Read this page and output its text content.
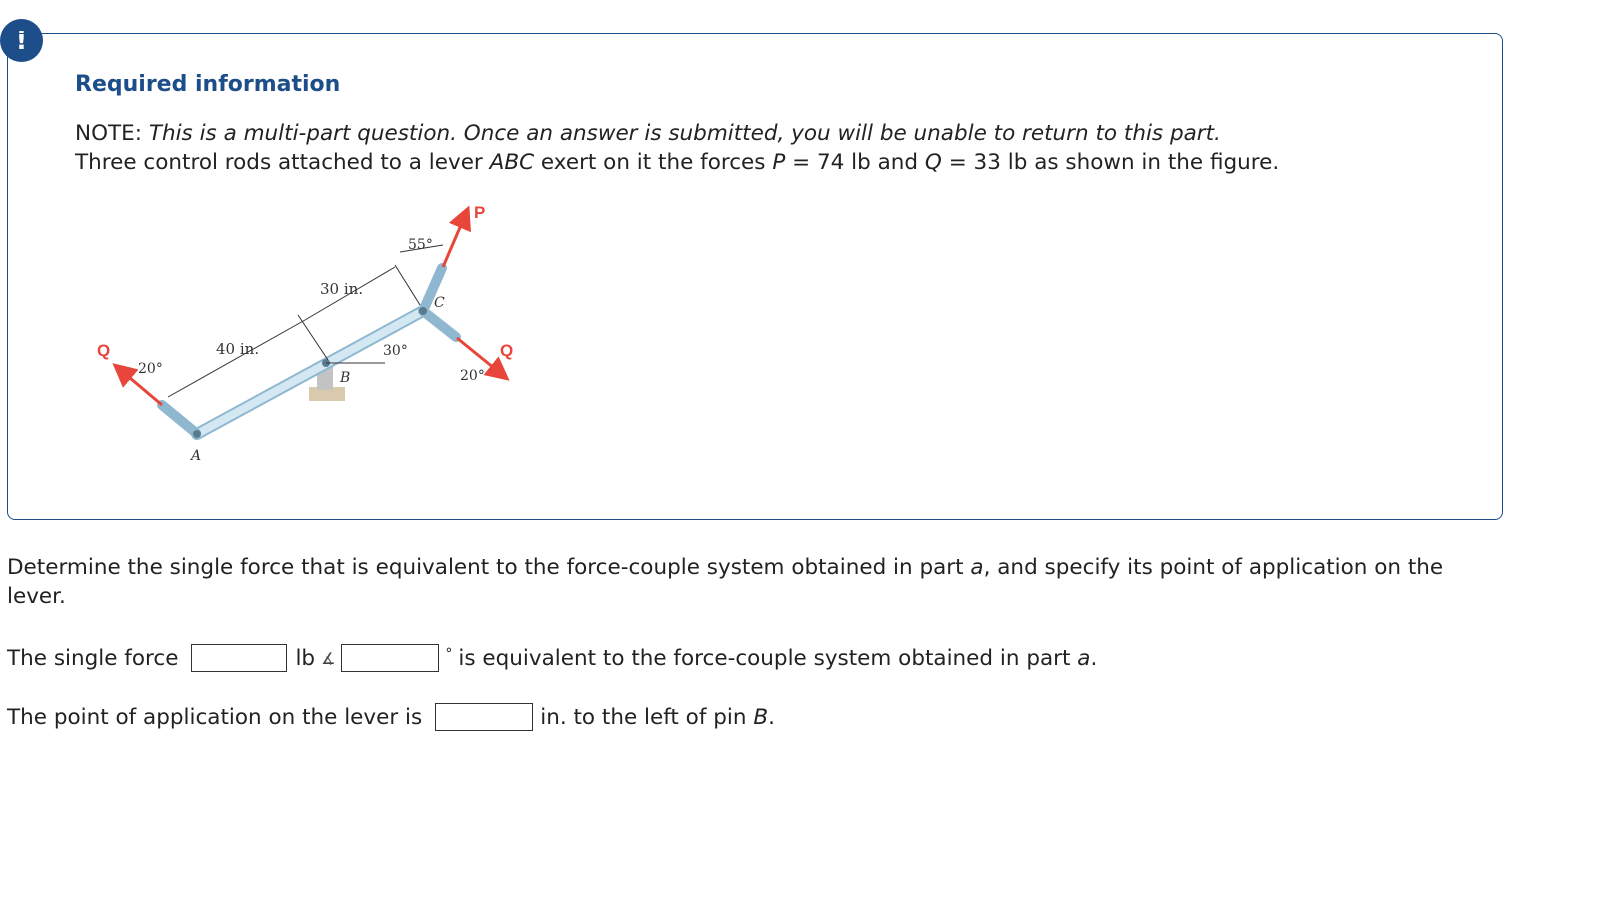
!
Required information
NOTE: This is a multi-part question. Once an answer is submitted, you will be unable to return to this part.
Three control rods attached to a lever ABC exert on it the forces P = 74 lb and Q = 33 lb as shown in the figure.
Q	Q
P
A
B
C
40 in.
30 in.
20°
30°
55°
20°
Determine the single force that is equivalent to the force-couple system obtained in part a, and specify its point of application on the lever.
The single force	lb ∡	° is equivalent to the force-couple system obtained in part a.
The point of application on the lever is	in. to the left of pin B.
